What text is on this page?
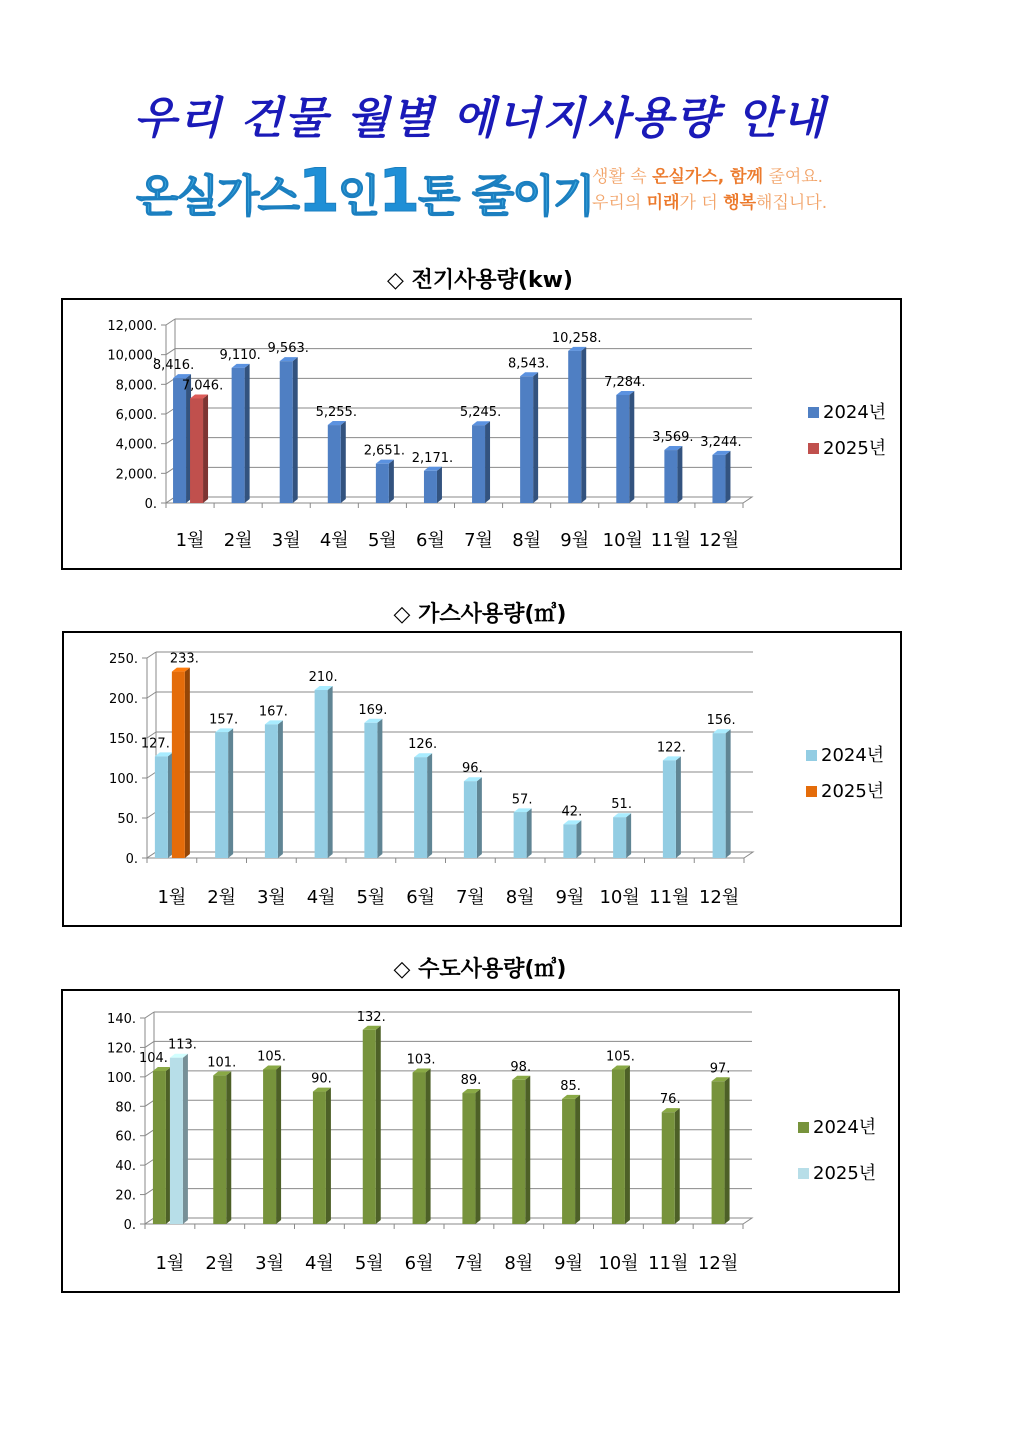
우리 건물 월별 에너지사용량 안내
온실가스1인1톤 줄이기
생활 속 온실가스, 함께 줄여요.
우리의 미래가 더 행복해집니다.
◇ 전기사용량(kw)
0.
2,000.
4,000.
6,000.
8,000.
10,000.
12,000.
8,416.
7,046.
9,110. 9,563.
5,255.
2,651. 2,171.
5,245.
8,543.
10,258.
7,284.
3,569. 3,244.
1월 2월 3월 4월 5월 6월 7월 8월 9월 10월 11월 12월
2024년
2025년
◇ 가스사용량(㎥)
0.
50.
100.
150.
200.
250.
127.
233.
157.
167.
210.
169.
126.
96.
57.
42. 51.
122.
156.
1월 2월 3월 4월 5월 6월 7월 8월 9월 10월 11월 12월
2024년
2025년
◇ 수도사용량(㎥)
0.
20.
40.
60.
80.
100.
120.
140.
104.
113.
101. 105.
90.
132.
103.
89.
98.
85.
105.
76.
97.
1월 2월 3월 4월 5월 6월 7월 8월 9월 10월 11월 12월
2024년
2025년
